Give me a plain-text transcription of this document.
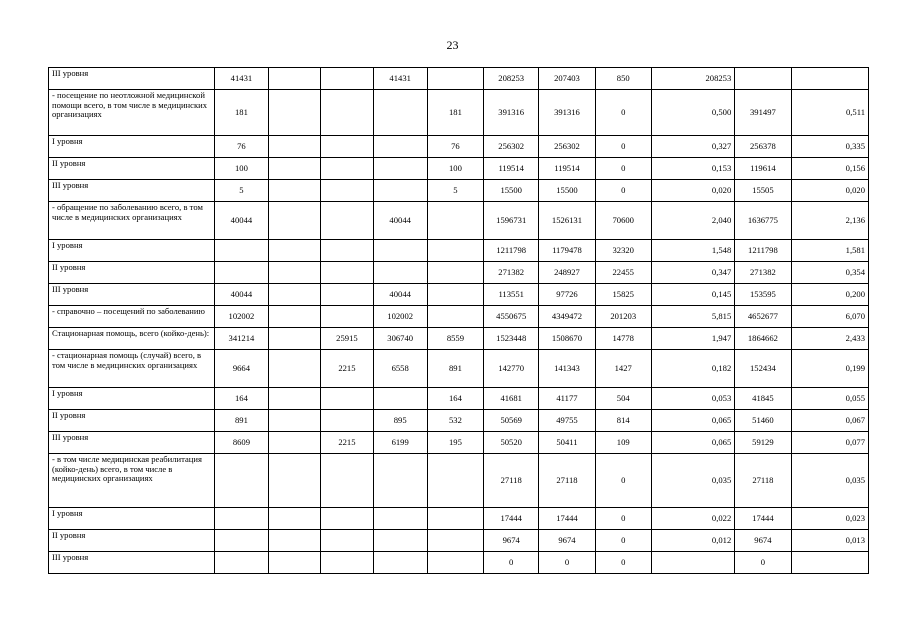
23
III уровня	41431			41431		208253	207403	850	208253		
- посещение по неотложной медицинской помощи всего, в том числе в медицинских организациях	181				181	391316	391316	0	0,500	391497	0,511
I уровня	76				76	256302	256302	0	0,327	256378	0,335
II уровня	100				100	119514	119514	0	0,153	119614	0,156
III уровня	5				5	15500	15500	0	0,020	15505	0,020
- обращение по заболеванию всего, в том числе в медицинских организациях	40044			40044		1596731	1526131	70600	2,040	1636775	2,136
I уровня						1211798	1179478	32320	1,548	1211798	1,581
II уровня						271382	248927	22455	0,347	271382	0,354
III уровня	40044			40044		113551	97726	15825	0,145	153595	0,200
- справочно – посещений по заболеванию	102002			102002		4550675	4349472	201203	5,815	4652677	6,070
Стационарная помощь, всего (койко-день):	341214		25915	306740	8559	1523448	1508670	14778	1,947	1864662	2,433
- стационарная помощь (случай) всего, в том числе в медицинских организациях	9664		2215	6558	891	142770	141343	1427	0,182	152434	0,199
I уровня	164				164	41681	41177	504	0,053	41845	0,055
II уровня	891			895	532	50569	49755	814	0,065	51460	0,067
III уровня	8609		2215	6199	195	50520	50411	109	0,065	59129	0,077
- в том числе медицинская реабилитация (койко-день) всего, в том числе в медицинских организациях						27118	27118	0	0,035	27118	0,035
I уровня						17444	17444	0	0,022	17444	0,023
II уровня						9674	9674	0	0,012	9674	0,013
III уровня						0	0	0		0	
